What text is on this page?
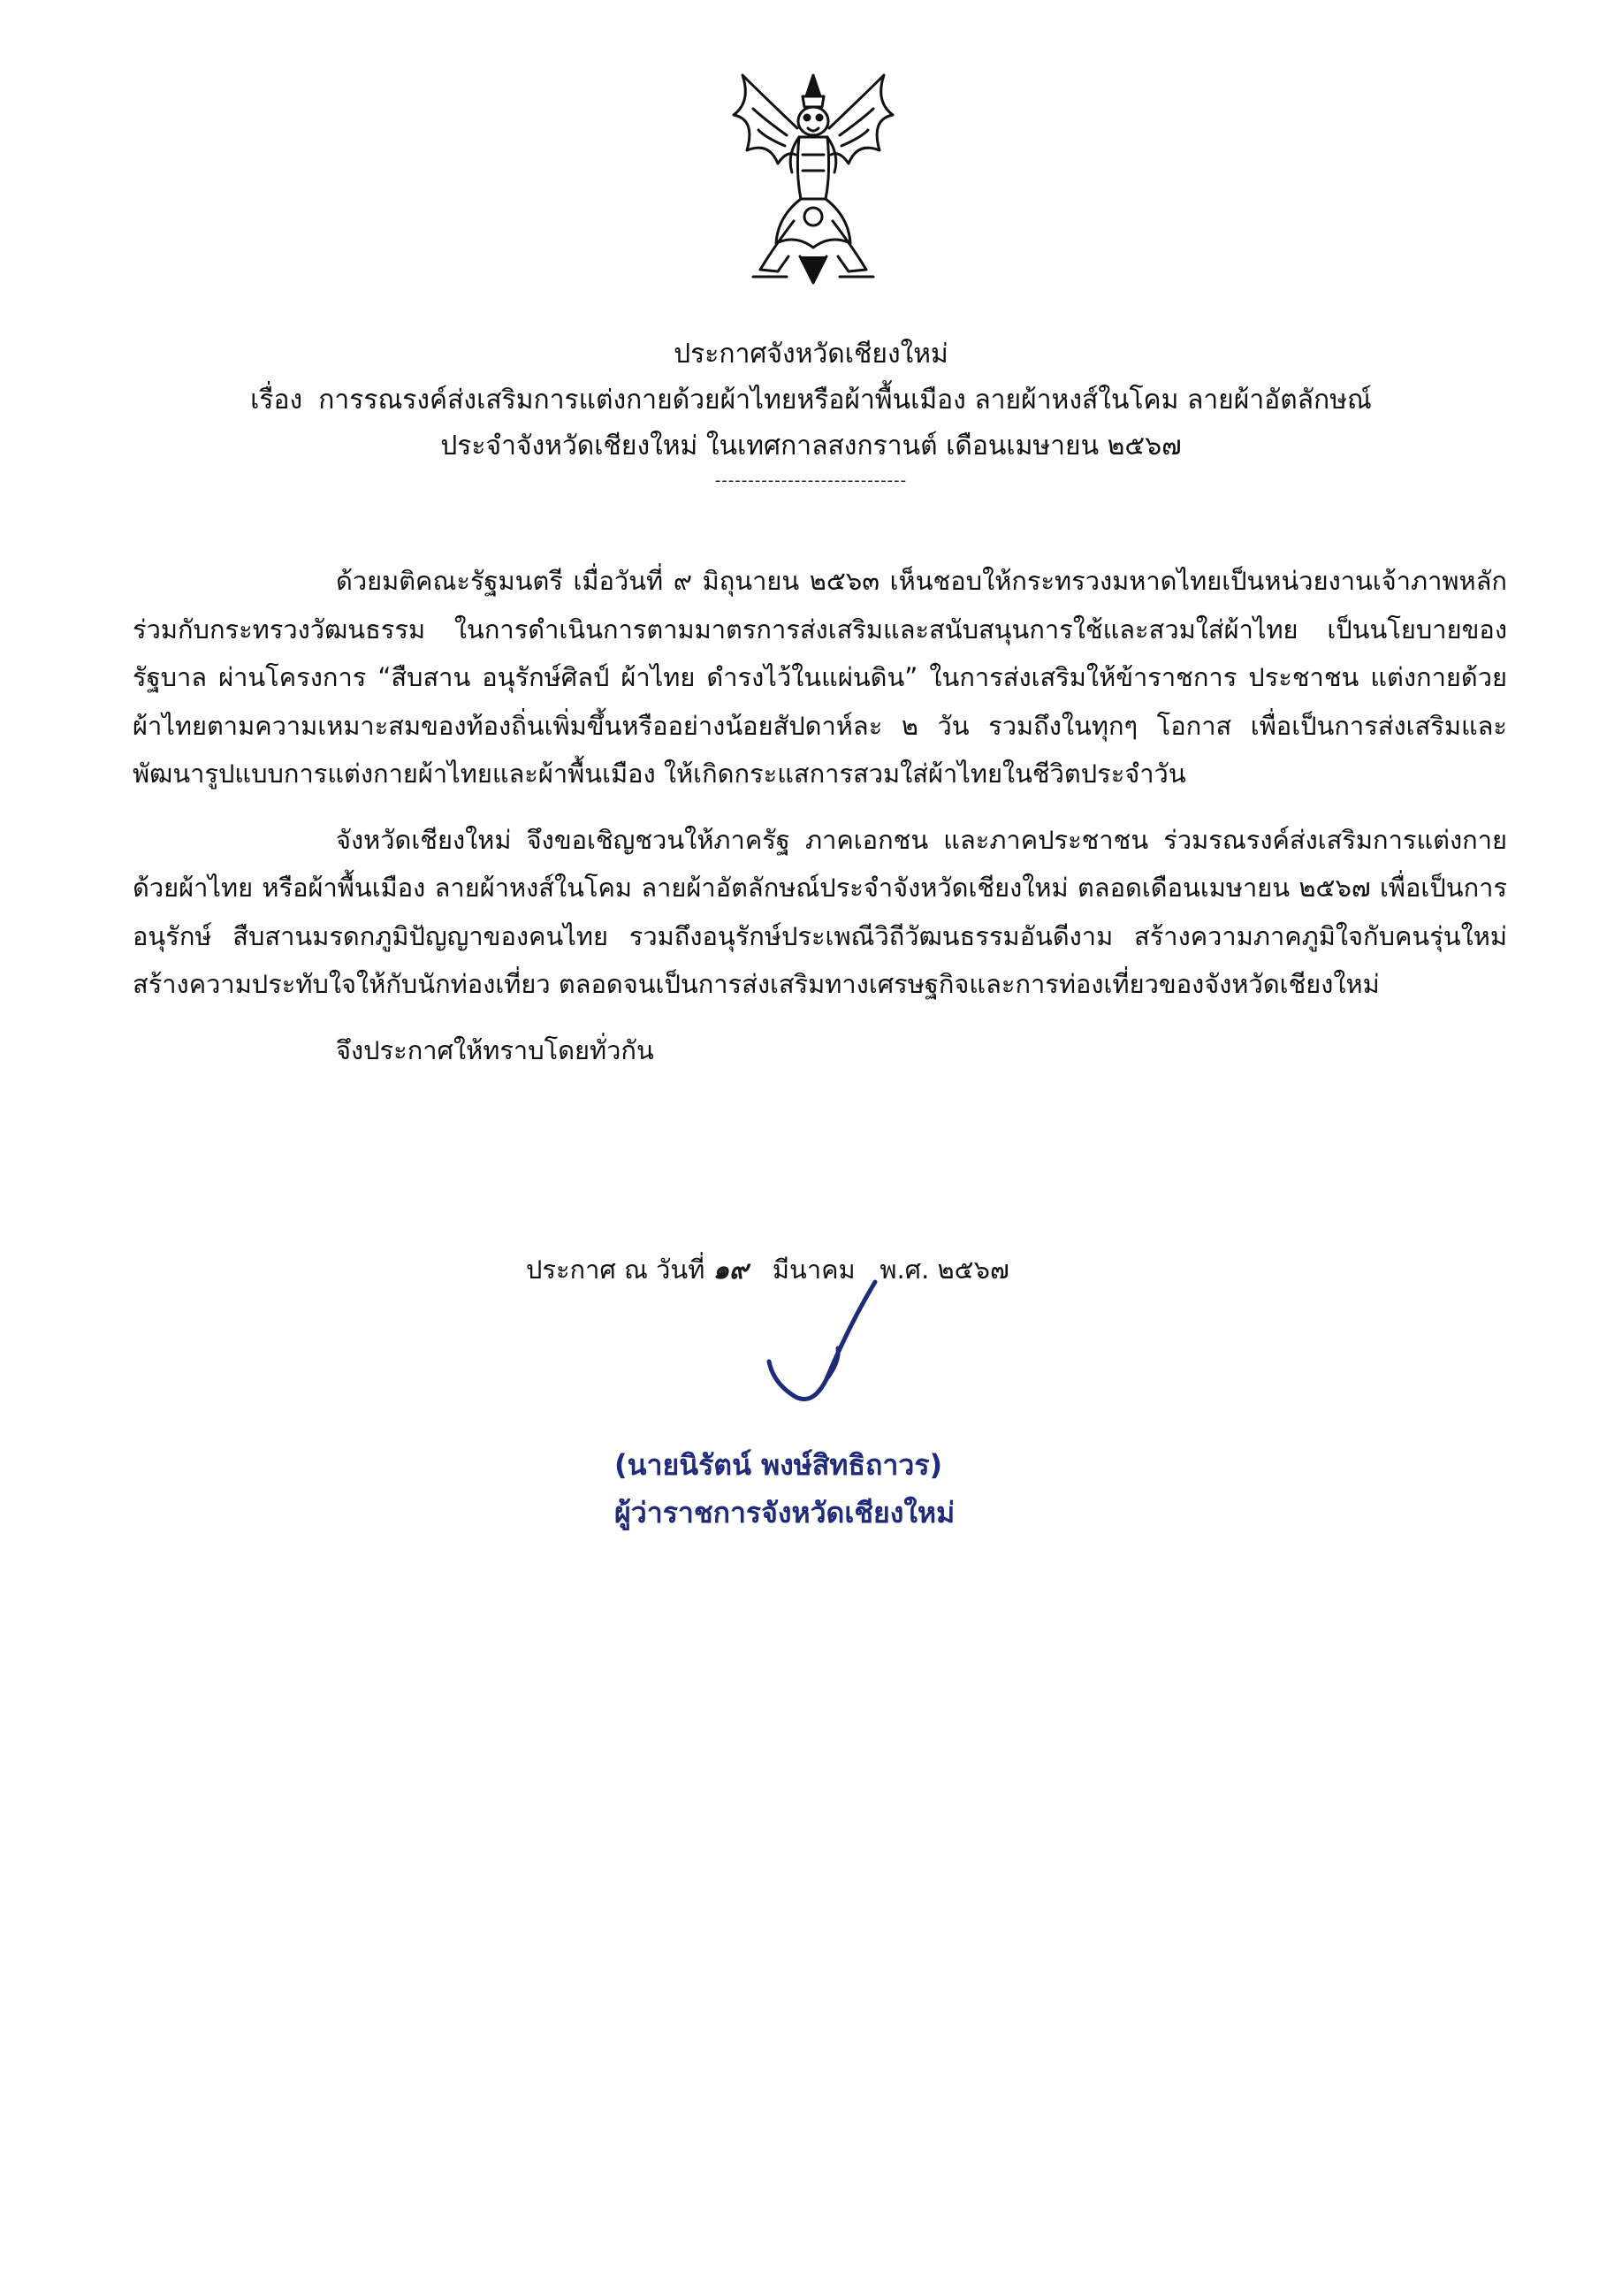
ประกาศจังหวัดเชียงใหม่
เรื่อง การรณรงค์ส่งเสริมการแต่งกายด้วยผ้าไทยหรือผ้าพื้นเมือง ลายผ้าหงส์ในโคม ลายผ้าอัตลักษณ์
ประจำจังหวัดเชียงใหม่ ในเทศกาลสงกรานต์ เดือนเมษายน ๒๕๖๗
-----------------------------

ด้วยมติคณะรัฐมนตรี เมื่อวันที่ ๙ มิถุนายน ๒๕๖๓ เห็นชอบให้กระทรวงมหาดไทยเป็นหน่วยงานเจ้าภาพหลักร่วมกับกระทรวงวัฒนธรรม ในการดำเนินการตามมาตรการส่งเสริมและสนับสนุนการใช้และสวมใส่ผ้าไทย เป็นนโยบายของรัฐบาล ผ่านโครงการ “สืบสาน อนุรักษ์ศิลป์ ผ้าไทย ดำรงไว้ในแผ่นดิน” ในการส่งเสริมให้ข้าราชการ ประชาชน แต่งกายด้วยผ้าไทยตามความเหมาะสมของท้องถิ่นเพิ่มขึ้นหรืออย่างน้อยสัปดาห์ละ ๒ วัน รวมถึงในทุกๆ โอกาส เพื่อเป็นการส่งเสริมและพัฒนารูปแบบการแต่งกายผ้าไทยและผ้าพื้นเมือง ให้เกิดกระแสการสวมใส่ผ้าไทยในชีวิตประจำวัน

จังหวัดเชียงใหม่ จึงขอเชิญชวนให้ภาครัฐ ภาคเอกชน และภาคประชาชน ร่วมรณรงค์ส่งเสริมการแต่งกายด้วยผ้าไทย หรือผ้าพื้นเมือง ลายผ้าหงส์ในโคม ลายผ้าอัตลักษณ์ประจำจังหวัดเชียงใหม่ ตลอดเดือนเมษายน ๒๕๖๗ เพื่อเป็นการอนุรักษ์ สืบสานมรดกภูมิปัญญาของคนไทย รวมถึงอนุรักษ์ประเพณีวิถีวัฒนธรรมอันดีงาม สร้างความภาคภูมิใจกับคนรุ่นใหม่สร้างความประทับใจให้กับนักท่องเที่ยว ตลอดจนเป็นการส่งเสริมทางเศรษฐกิจและการท่องเที่ยวของจังหวัดเชียงใหม่

จึงประกาศให้ทราบโดยทั่วกัน

ประกาศ ณ วันที่ ๑๙ มีนาคม พ.ศ. ๒๕๖๗
(นายนิรัตน์ พงษ์สิทธิถาวร)
ผู้ว่าราชการจังหวัดเชียงใหม่
